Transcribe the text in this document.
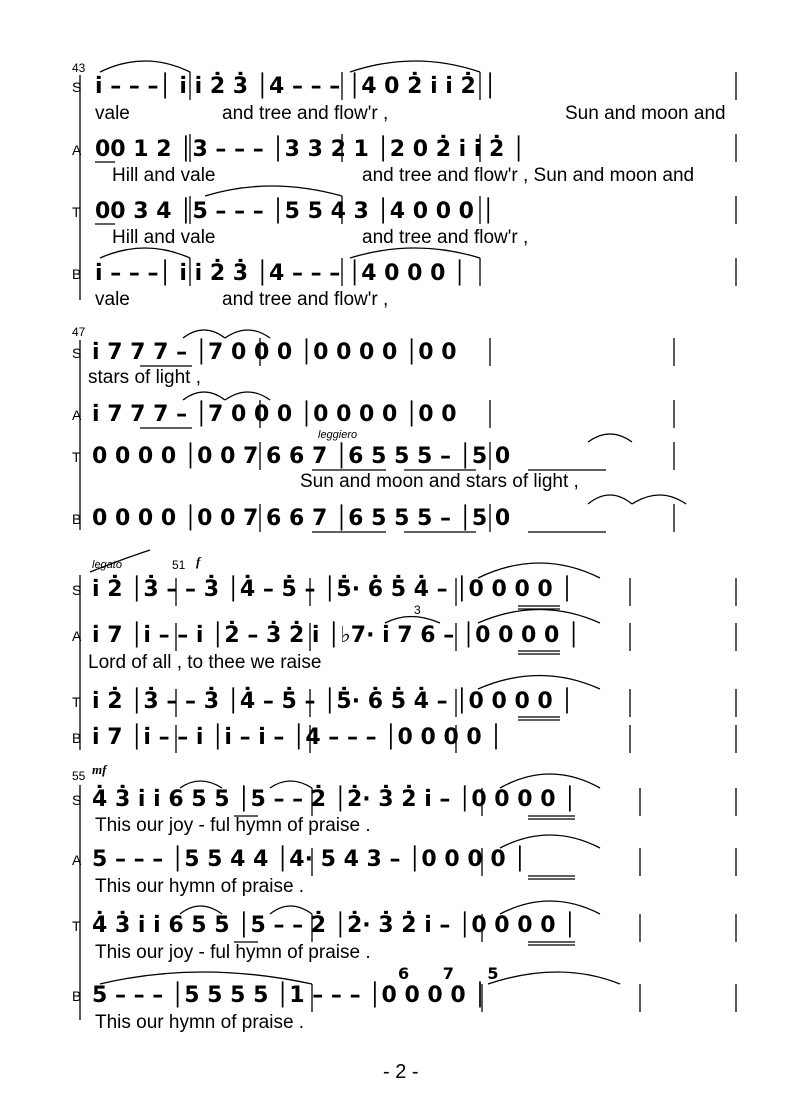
43
S i̇ – – –│ i̇ i̇ 2̇ 3̇ │4 – – – │4 0 2̇ i̇ i̇ 2̇ │
vale	and tree and flow'r ,	Sun and moon and
A 00 1 2 │3 – – – │3 3 2 1 │2 0 2̇ i̇ i̇ 2̇ │
Hill and vale	and tree and flow'r , Sun and moon and
T 00 3 4 │5 – – – │5 5 4 3 │4 0 0 0 │
Hill and vale	and tree and flow'r ,
B i̇ – – –│ i̇ i̇ 2̇ 3̇ │4 – – – │4 0 0 0 │
vale	and tree and flow'r ,
47
leggiero
S i̇ 7 7 7 – │7 0 0 0 │0 0 0 0 │0 0
stars of light ,
A i̇ 7 7 7 – │7 0 0 0 │0 0 0 0 │0 0
T 0 0 0 0 │0 0 7 6 6 7 │6 5 5 5 – │5 0
Sun and moon and stars of light ,
B 0 0 0 0 │0 0 7 6 6 7 │6 5 5 5 – │5 0
legato	51 f
3
S i̇ 2̇ │3̇ – – 3̇ │4̇ – 5̇ – │5̇· 6̇ 5̇ 4̇ – │0 0 0 0 │
A i̇ 7 │i̇ – – i̇ │2̇ – 3̇ 2̇ i̇ │♭7· i̇ 7 6 – │0 0 0 0 │
Lord of all , to thee we raise
T i̇ 2̇ │3̇ – – 3̇ │4̇ – 5̇ – │5̇· 6̇ 5̇ 4̇ – │0 0 0 0 │
B i̇ 7 │i̇ – – i̇ │i̇ – i̇ – │4 – – – │0 0 0 0 │
55 mf
S 4̇ 3̇ i̇ i̇ 6 5 5 │5 – – 2̇ │2̇· 3̇ 2̇ i̇ – │0 0 0 0 │
This our joy - ful hymn of praise .
A 5 – – – │5 5 4 4 │4· 5 4 3 – │0 0 0 0 │
This our hymn of praise .
T 4̇ 3̇ i̇ i̇ 6 5 5 │5 – – 2̇ │2̇· 3̇ 2̇ i̇ – │0 0 0 0 │
This our joy - ful hymn of praise .
6 7 5
B 5 – – – │5 5 5 5 │1 – – – │0 0 0 0 │
This our hymn of praise .
- 2 -
